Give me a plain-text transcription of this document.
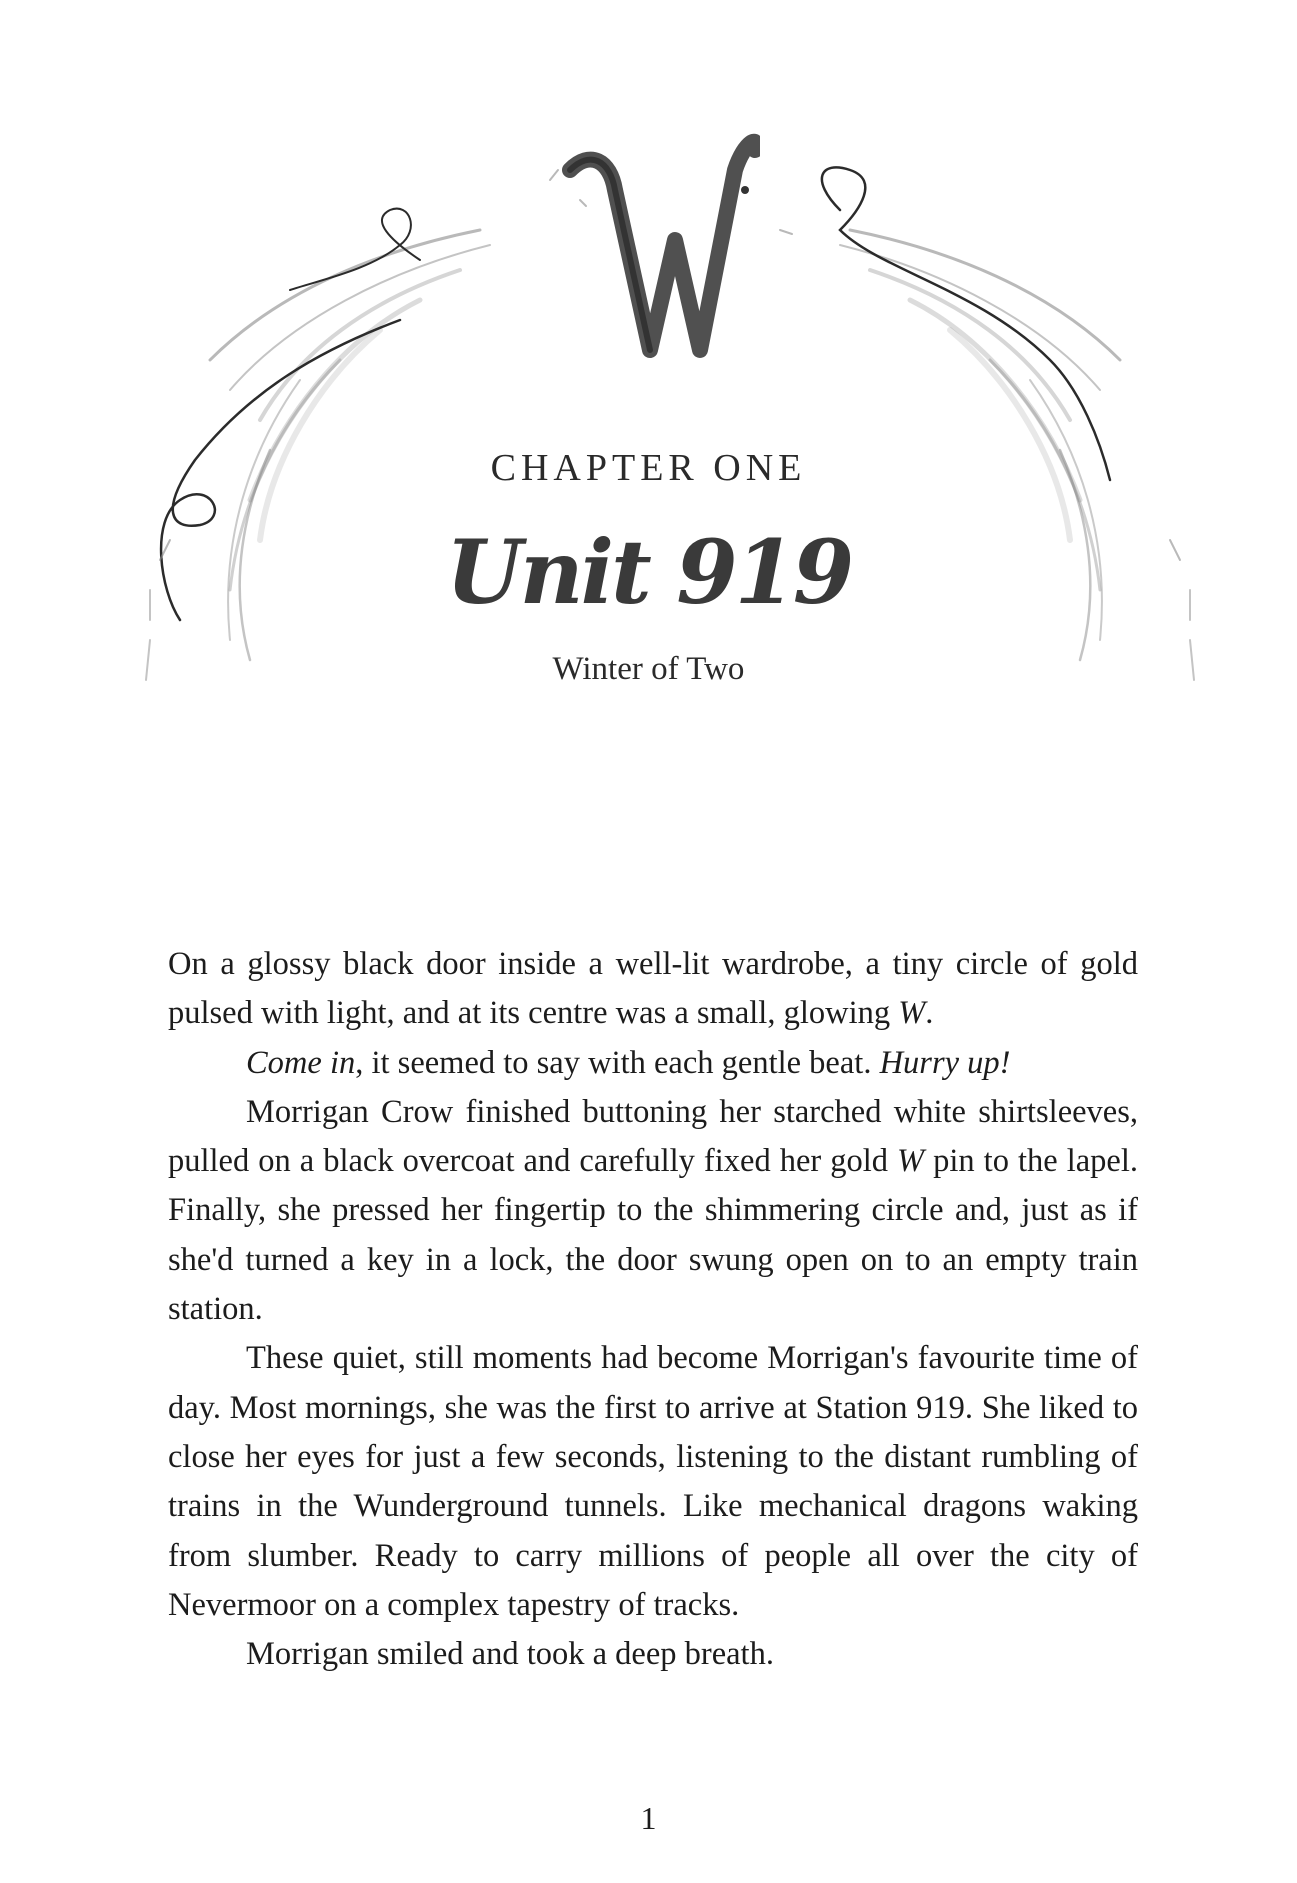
CHAPTER ONE
Unit 919
Winter of Two

On a glossy black door inside a well-lit wardrobe, a tiny circle of gold pulsed with light, and at its centre was a small, glowing W.

Come in, it seemed to say with each gentle beat. Hurry up!

Morrigan Crow finished buttoning her starched white shirtsleeves, pulled on a black overcoat and carefully fixed her gold W pin to the lapel. Finally, she pressed her fingertip to the shimmering circle and, just as if she'd turned a key in a lock, the door swung open on to an empty train station.

These quiet, still moments had become Morrigan's favourite time of day. Most mornings, she was the first to arrive at Station 919. She liked to close her eyes for just a few seconds, listening to the distant rumbling of trains in the Wunderground tunnels. Like mechanical dragons waking from slumber. Ready to carry millions of people all over the city of Nevermoor on a complex tapestry of tracks.

Morrigan smiled and took a deep breath.

1
